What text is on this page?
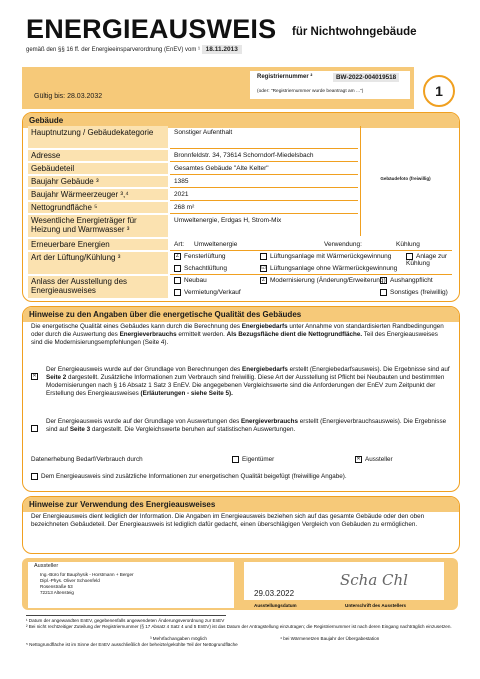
ENERGIEAUSWEIS für Nichtwohngebäude
gemäß den §§ 16 ff. der Energieeinsparverordnung (EnEV) vom ¹ 18.11.2013
Registriernummer ²	BW-2022-004019518
(oder: "Registriernummer wurde beantragt am ...")
Gültig bis: 28.03.2032	1
Gebäude
Hauptnutzung / Gebäudekategorie	Sonstiger Aufenthalt
Adresse	Bronnfeldstr. 34, 73614 Schorndorf-Miedelsbach
Gebäudeteil	Gesamtes Gebäude "Alte Kelter"
Baujahr Gebäude ³	1385
Baujahr Wärmeerzeuger ³,⁴	2021
Nettogrundfläche ⁵	268 m²
Wesentliche Energieträger für Heizung und Warmwasser ³
Umweltenergie, Erdgas H, Strom-Mix
Gebäudefoto (freiwillig)
Erneuerbare Energien	Art: Umweltenergie	Verwendung:	Kühlung
Art der Lüftung/Kühlung ³	Z Fensterlüftung	Lüftungsanlage mit Wärmerückgewinnung	Anlage zur Kühlung
Schachtlüftung	☑ Lüftungsanlage ohne Wärmerückgewinnung
Anlass der Ausstellung des Energieausweises
Neubau	Z Modernisierung (Änderung/Erweiterung) Aushangpflicht
Vermietung/Verkauf	Sonstiges (freiwillig)
Hinweise zu den Angaben über die energetische Qualität des Gebäudes
Die energetische Qualität eines Gebäudes kann durch die Berechnung des Energiebedarfs unter Annahme von standardisierten Randbedingungen oder durch die Auswertung des Energieverbrauchs ermittelt werden. Als Bezugsfläche dient die Nettogrundfläche. Teil des Energieausweises sind die Modernisierungsempfehlungen (Seite 4).
✕
Der Energieausweis wurde auf der Grundlage von Berechnungen des Energiebedarfs erstellt (Energiebedarfsausweis). Die Ergebnisse sind auf Seite 2 dargestellt. Zusätzliche Informationen zum Verbrauch sind freiwillig. Diese Art der Ausstellung ist Pflicht bei Neubauten und bestimmten Modernisierungen nach § 16 Absatz 1 Satz 3 EnEV. Die angegebenen Vergleichswerte sind die Anforderungen der EnEV zum Zeitpunkt der Erstellung des Energieausweises (Erläuterungen - siehe Seite 5).
Der Energieausweis wurde auf der Grundlage von Auswertungen des Energieverbrauchs erstellt (Energieverbrauchsausweis). Die Ergebnisse sind auf Seite 3 dargestellt. Die Vergleichswerte beruhen auf statistischen Auswertungen.
Datenerhebung Bedarf/Verbrauch durch	Eigentümer	✕ Aussteller
Dem Energieausweis sind zusätzliche Informationen zur energetischen Qualität beigefügt (freiwillige Angabe).
Hinweise zur Verwendung des Energieausweises
Der Energieausweis dient lediglich der Information. Die Angaben im Energieausweis beziehen sich auf das gesamte Gebäude oder den oben bezeichneten Gebäudeteil. Der Energieausweis ist lediglich dafür gedacht, einen überschlägigen Vergleich von Gebäuden zu ermöglichen.
Aussteller
Ing.-Büro für Bauphysik - Horstmann + Berger
Dipl.-Phys. Oliver Schoenfeld
Rosenstraße 53
72213 Altensteig	29.03.2022
Ausstellungsdatum
Scha Chl
Unterschrift des Ausstellers
¹ Datum der angewandten EnEV, gegebenenfalls angewendeten Änderungsverordnung zur EnEV
² Bei nicht rechtzeitiger Zuteilung der Registriernummer (§ 17 Absatz 4 Satz 4 und 5 EnEV) ist das Datum der Antragstellung einzutragen; die Registriernummer ist nach deren Eingang nachträglich einzusetzen.
³ Mehrfachangaben möglich	⁴ bei Wärmenetzen Baujahr der Übergabestation
⁵ Nettogrundfläche ist im Sinne der EnEV ausschließlich der beheizte/gekühlte Teil der Nettogrundfläche
